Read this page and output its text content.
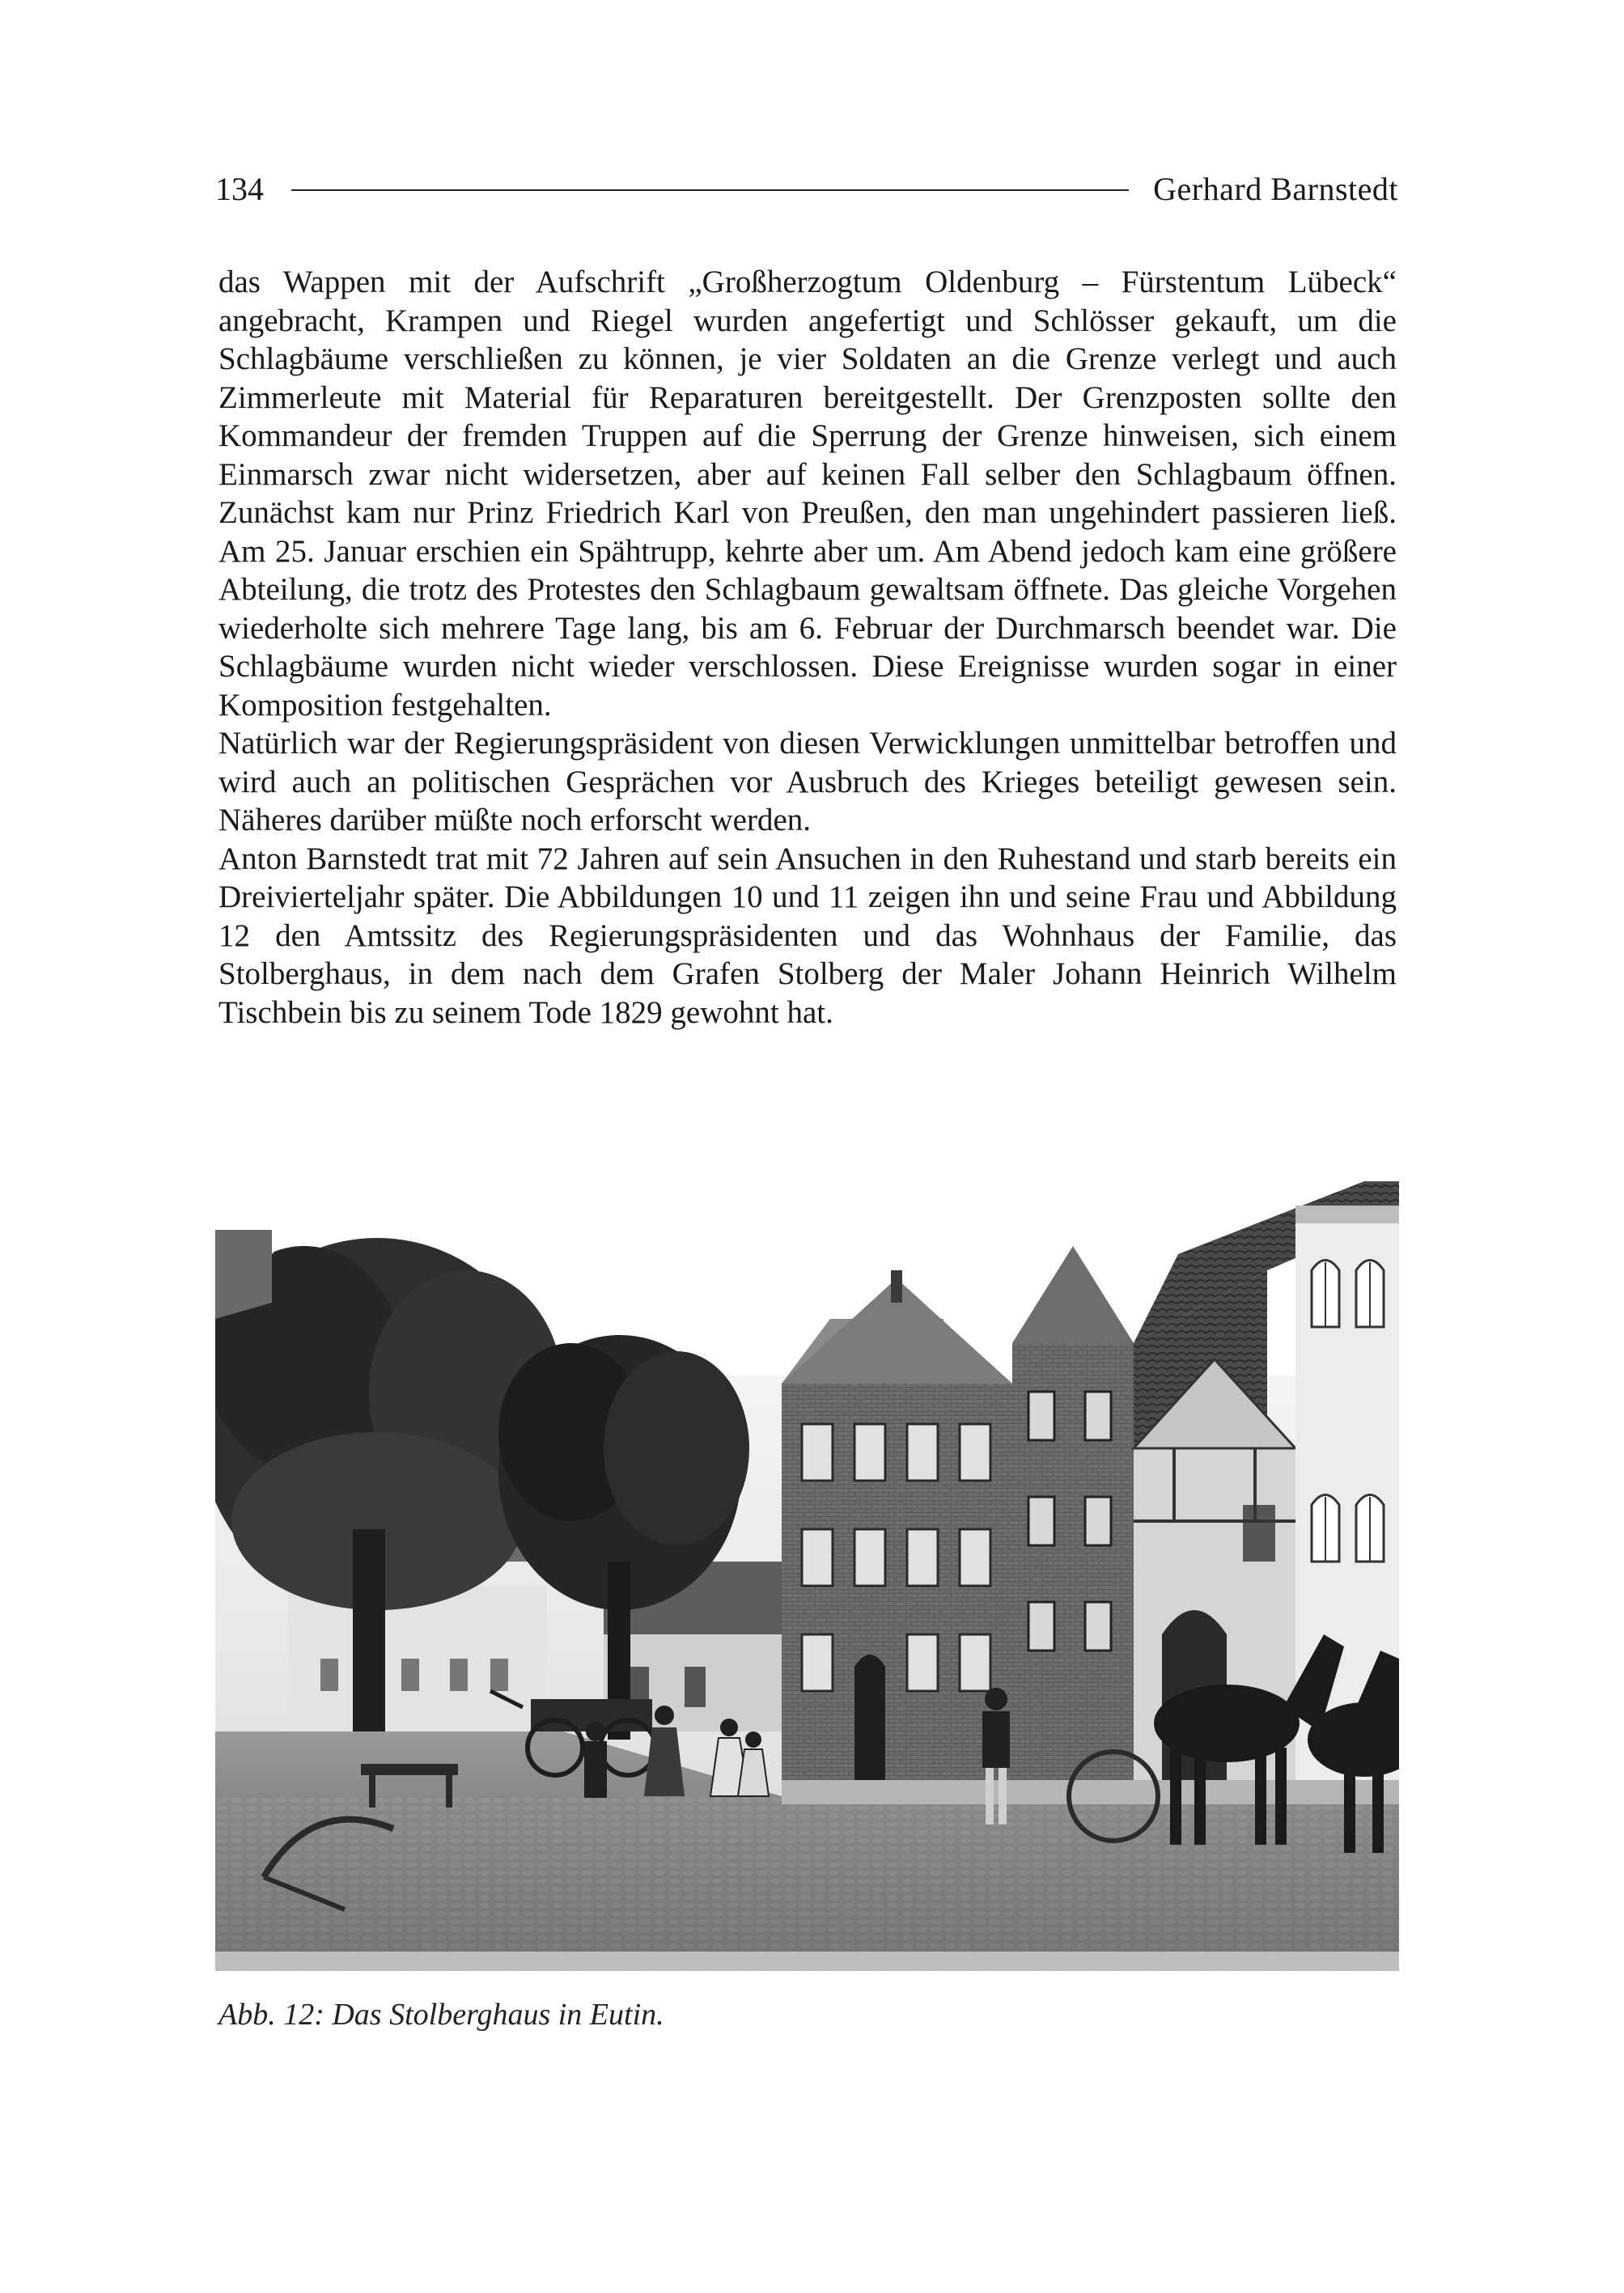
134	Gerhard Barnstedt

das Wappen mit der Aufschrift „Großherzogtum Oldenburg – Fürstentum Lübeck“ angebracht, Krampen und Riegel wurden angefertigt und Schlösser gekauft, um die Schlagbäume verschließen zu können, je vier Soldaten an die Grenze verlegt und auch Zimmerleute mit Material für Reparaturen bereitgestellt. Der Grenzposten sollte den Kommandeur der fremden Truppen auf die Sperrung der Grenze hinweisen, sich einem Einmarsch zwar nicht widersetzen, aber auf keinen Fall selber den Schlagbaum öffnen. Zunächst kam nur Prinz Friedrich Karl von Preußen, den man ungehindert passieren ließ. Am 25. Januar erschien ein Spähtrupp, kehrte aber um. Am Abend jedoch kam eine größere Abteilung, die trotz des Protestes den Schlagbaum gewaltsam öffnete. Das gleiche Vorgehen wiederholte sich mehrere Tage lang, bis am 6. Februar der Durchmarsch beendet war. Die Schlagbäume wurden nicht wieder verschlossen. Diese Ereignisse wurden sogar in einer Komposition festgehalten.

Natürlich war der Regierungspräsident von diesen Verwicklungen unmittelbar betroffen und wird auch an politischen Gesprächen vor Ausbruch des Krieges beteiligt gewesen sein. Näheres darüber müßte noch erforscht werden.

Anton Barnstedt trat mit 72 Jahren auf sein Ansuchen in den Ruhestand und starb bereits ein Dreivierteljahr später. Die Abbildungen 10 und 11 zeigen ihn und seine Frau und Abbildung 12 den Amtssitz des Regierungspräsidenten und das Wohnhaus der Familie, das Stolberghaus, in dem nach dem Grafen Stolberg der Maler Johann Heinrich Wilhelm Tischbein bis zu seinem Tode 1829 gewohnt hat.

Abb. 12: Das Stolberghaus in Eutin.
